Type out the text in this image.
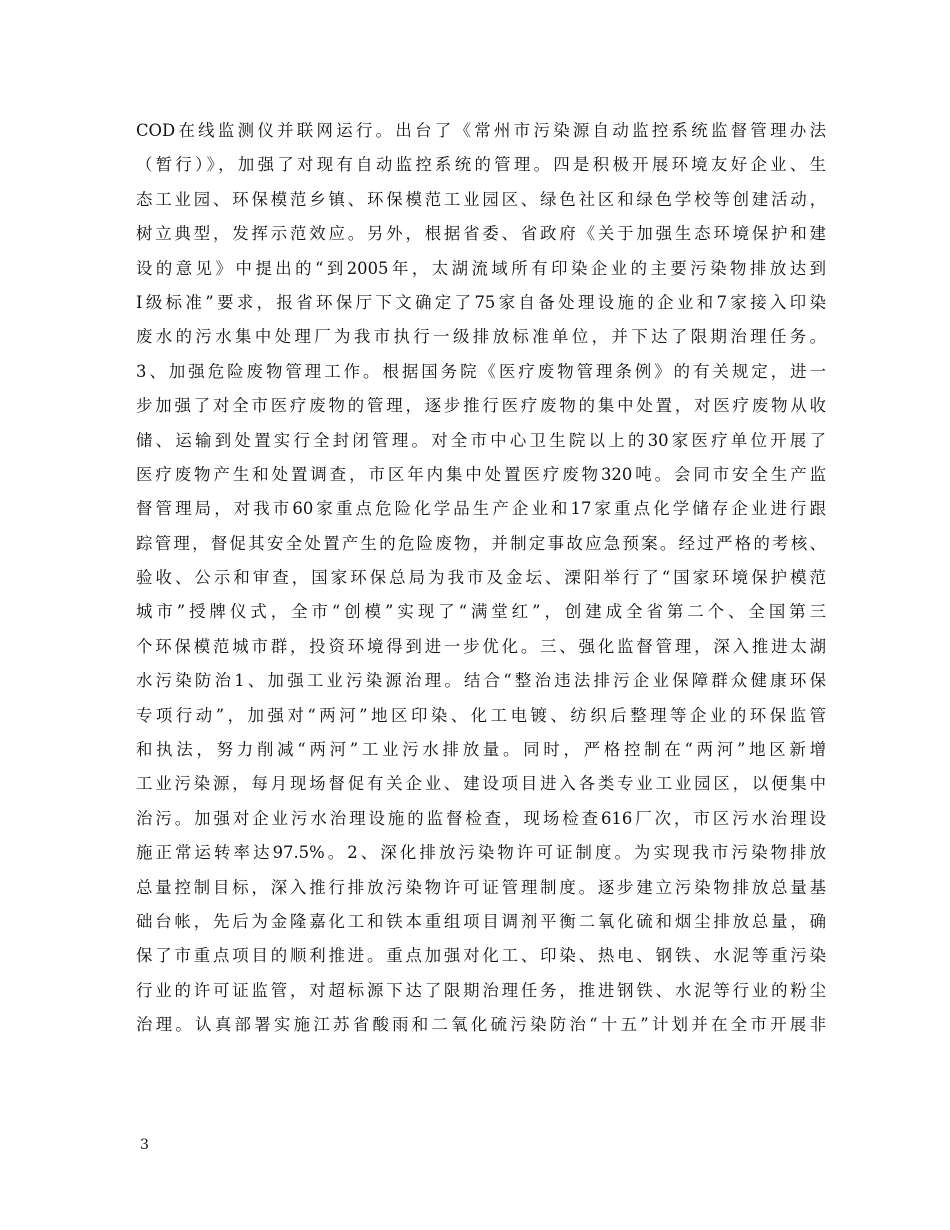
COD在线监测仪并联网运行。出台了《常州市污染源自动监控系统监督管理办法
（暂行）》，加强了对现有自动监控系统的管理。四是积极开展环境友好企业、生
态工业园、环保模范乡镇、环保模范工业园区、绿色社区和绿色学校等创建活动，
树立典型，发挥示范效应。另外，根据省委、省政府《关于加强生态环境保护和建
设的意见》中提出的“到2005年，太湖流域所有印染企业的主要污染物排放达到
I级标准”要求，报省环保厅下文确定了75家自备处理设施的企业和7家接入印染
废水的污水集中处理厂为我市执行一级排放标准单位，并下达了限期治理任务。
3、加强危险废物管理工作。根据国务院《医疗废物管理条例》的有关规定，进一
步加强了对全市医疗废物的管理，逐步推行医疗废物的集中处置，对医疗废物从收
储、运输到处置实行全封闭管理。对全市中心卫生院以上的30家医疗单位开展了
医疗废物产生和处置调查，市区年内集中处置医疗废物320吨。会同市安全生产监
督管理局，对我市60家重点危险化学品生产企业和17家重点化学储存企业进行跟
踪管理，督促其安全处置产生的危险废物，并制定事故应急预案。经过严格的考核、
验收、公示和审查，国家环保总局为我市及金坛、溧阳举行了“国家环境保护模范
城市”授牌仪式，全市“创模”实现了“满堂红”，创建成全省第二个、全国第三
个环保模范城市群，投资环境得到进一步优化。三、强化监督管理，深入推进太湖
水污染防治1、加强工业污染源治理。结合“整治违法排污企业保障群众健康环保
专项行动”，加强对“两河”地区印染、化工电镀、纺织后整理等企业的环保监管
和执法，努力削减“两河”工业污水排放量。同时，严格控制在“两河”地区新增
工业污染源，每月现场督促有关企业、建设项目进入各类专业工业园区，以便集中
治污。加强对企业污水治理设施的监督检查，现场检查616厂次，市区污水治理设
施正常运转率达97.5%。2、深化排放污染物许可证制度。为实现我市污染物排放
总量控制目标，深入推行排放污染物许可证管理制度。逐步建立污染物排放总量基
础台帐，先后为金隆嘉化工和铁本重组项目调剂平衡二氧化硫和烟尘排放总量，确
保了市重点项目的顺利推进。重点加强对化工、印染、热电、钢铁、水泥等重污染
行业的许可证监管，对超标源下达了限期治理任务，推进钢铁、水泥等行业的粉尘
治理。认真部署实施江苏省酸雨和二氧化硫污染防治“十五”计划并在全市开展非
3
